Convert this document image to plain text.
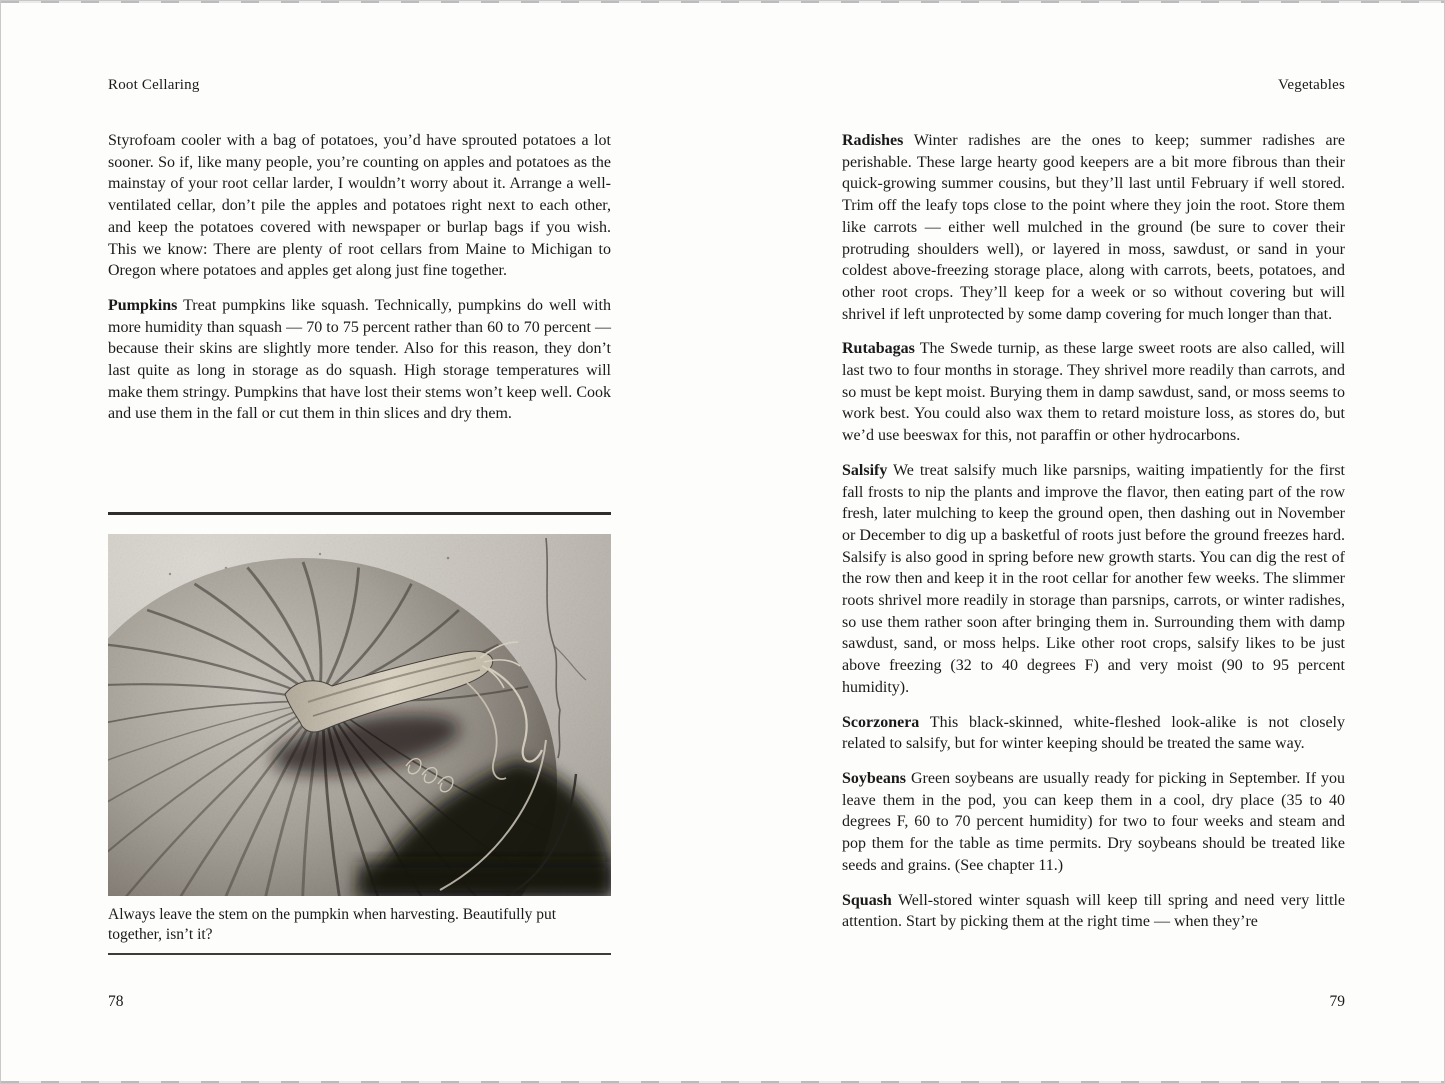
Root Cellaring

Styrofoam cooler with a bag of potatoes, you’d have sprouted potatoes a lot sooner. So if, like many people, you’re counting on apples and potatoes as the mainstay of your root cellar larder, I wouldn’t worry about it. Arrange a well-ventilated cellar, don’t pile the apples and potatoes right next to each other, and keep the potatoes covered with newspaper or burlap bags if you wish. This we know: There are plenty of root cellars from Maine to Michigan to Oregon where potatoes and apples get along just fine together.

Pumpkins Treat pumpkins like squash. Technically, pumpkins do well with more humidity than squash — 70 to 75 percent rather than 60 to 70 percent — because their skins are slightly more tender. Also for this reason, they don’t last quite as long in storage as do squash. High storage temperatures will make them stringy. Pumpkins that have lost their stems won’t keep well. Cook and use them in the fall or cut them in thin slices and dry them.

Always leave the stem on the pumpkin when harvesting. Beautifully put together, isn’t it?
78
Vegetables

Radishes Winter radishes are the ones to keep; summer radishes are perishable. These large hearty good keepers are a bit more fibrous than their quick-growing summer cousins, but they’ll last until February if well stored. Trim off the leafy tops close to the point where they join the root. Store them like carrots — either well mulched in the ground (be sure to cover their protruding shoulders well), or layered in moss, sawdust, or sand in your coldest above-freezing storage place, along with carrots, beets, potatoes, and other root crops. They’ll keep for a week or so without covering but will shrivel if left unprotected by some damp covering for much longer than that.

Rutabagas The Swede turnip, as these large sweet roots are also called, will last two to four months in storage. They shrivel more readily than carrots, and so must be kept moist. Burying them in damp sawdust, sand, or moss seems to work best. You could also wax them to retard moisture loss, as stores do, but we’d use beeswax for this, not paraffin or other hydrocarbons.

Salsify We treat salsify much like parsnips, waiting impatiently for the first fall frosts to nip the plants and improve the flavor, then eating part of the row fresh, later mulching to keep the ground open, then dashing out in November or December to dig up a basketful of roots just before the ground freezes hard. Salsify is also good in spring before new growth starts. You can dig the rest of the row then and keep it in the root cellar for another few weeks. The slimmer roots shrivel more readily in storage than parsnips, carrots, or winter radishes, so use them rather soon after bringing them in. Surrounding them with damp sawdust, sand, or moss helps. Like other root crops, salsify likes to be just above freezing (32 to 40 degrees F) and very moist (90 to 95 percent humidity).

Scorzonera This black-skinned, white-fleshed look-alike is not closely related to salsify, but for winter keeping should be treated the same way.

Soybeans Green soybeans are usually ready for picking in September. If you leave them in the pod, you can keep them in a cool, dry place (35 to 40 degrees F, 60 to 70 percent humidity) for two to four weeks and steam and pop them for the table as time permits. Dry soybeans should be treated like seeds and grains. (See chapter 11.)

Squash Well-stored winter squash will keep till spring and need very little attention. Start by picking them at the right time — when they’re

79
